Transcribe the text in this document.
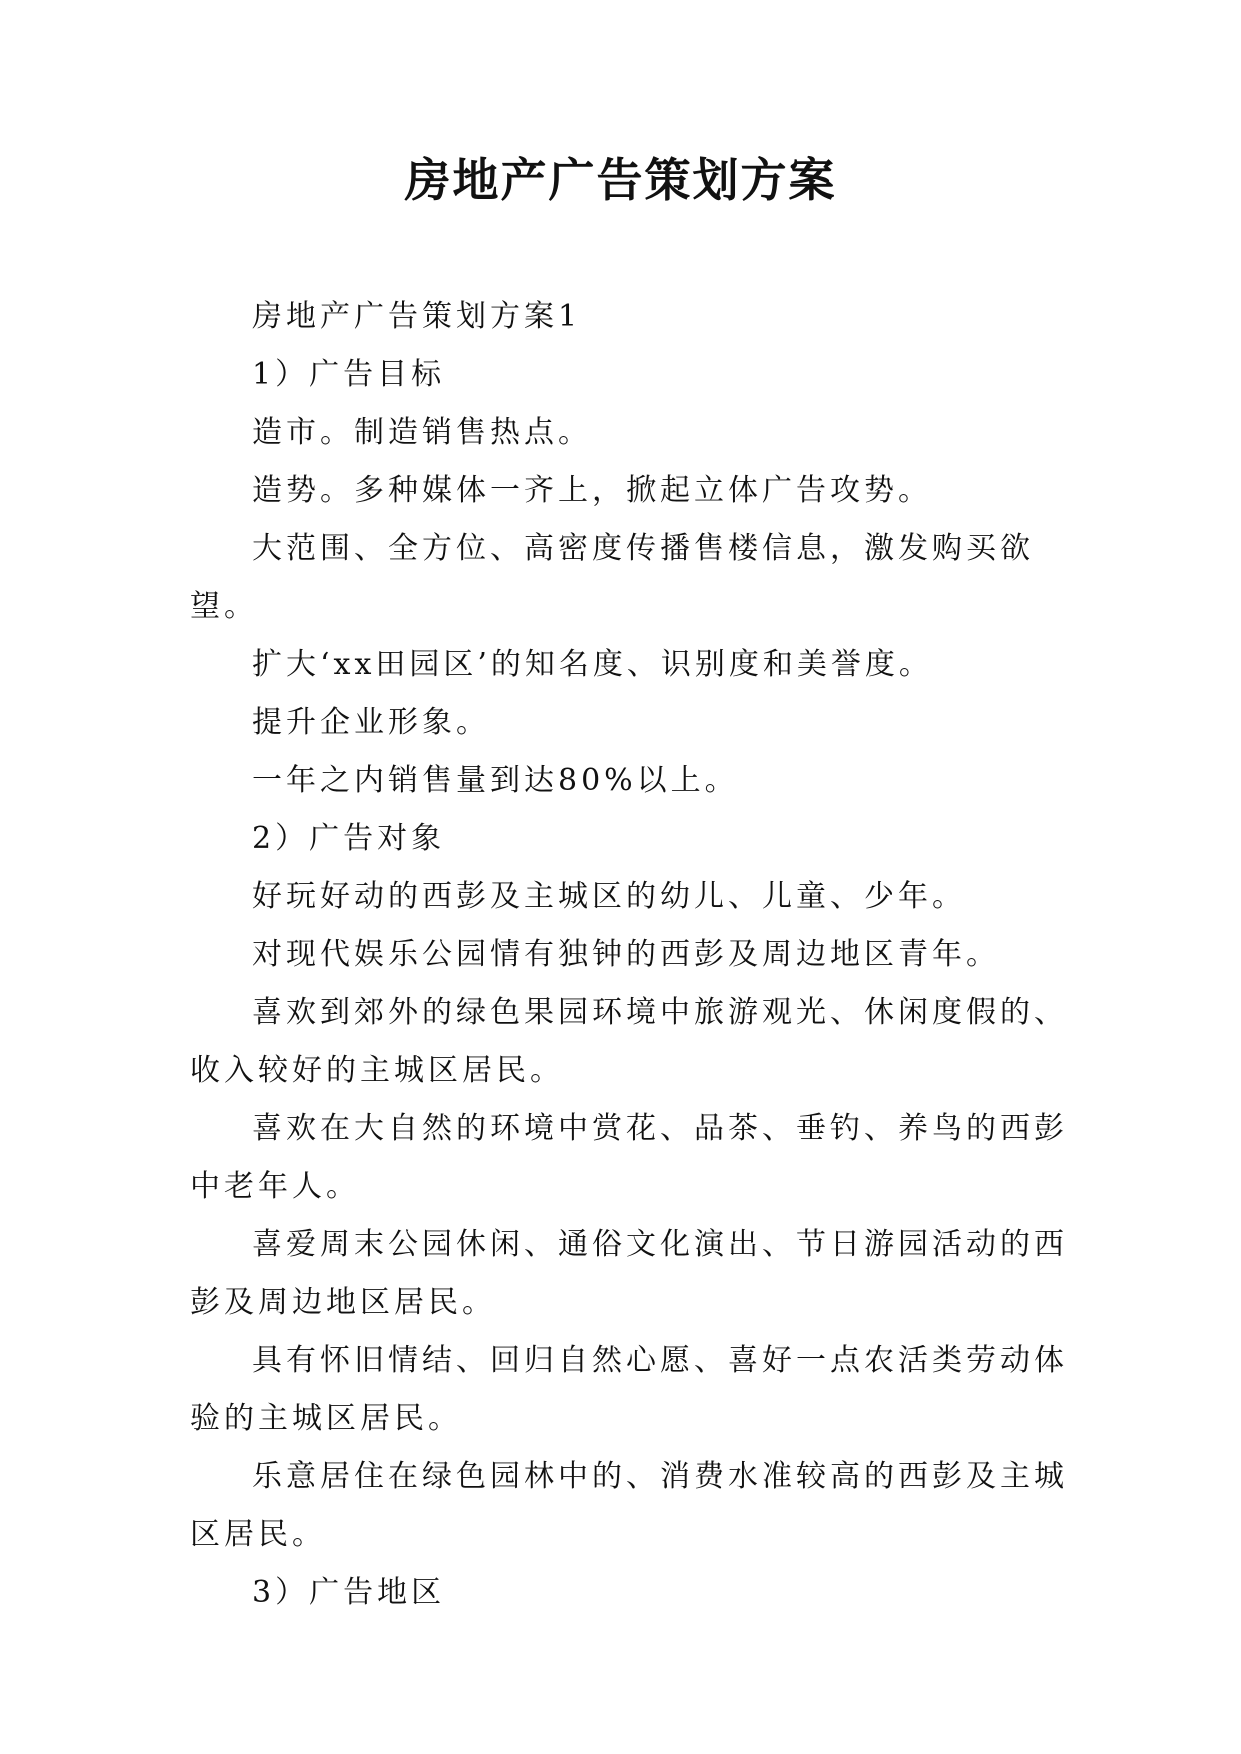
房地产广告策划方案

房地产广告策划方案1

1）广告目标

造市。制造销售热点。

造势。多种媒体一齐上，掀起立体广告攻势。

大范围、全方位、高密度传播售楼信息，激发购买欲望。

扩大‘xx田园区’的知名度、识别度和美誉度。

提升企业形象。

一年之内销售量到达80%以上。

2）广告对象

好玩好动的西彭及主城区的幼儿、儿童、少年。

对现代娱乐公园情有独钟的西彭及周边地区青年。

喜欢到郊外的绿色果园环境中旅游观光、休闲度假的、收入较好的主城区居民。

喜欢在大自然的环境中赏花、品茶、垂钓、养鸟的西彭中老年人。

喜爱周末公园休闲、通俗文化演出、节日游园活动的西彭及周边地区居民。

具有怀旧情结、回归自然心愿、喜好一点农活类劳动体验的主城区居民。

乐意居住在绿色园林中的、消费水准较高的西彭及主城区居民。

3）广告地区
